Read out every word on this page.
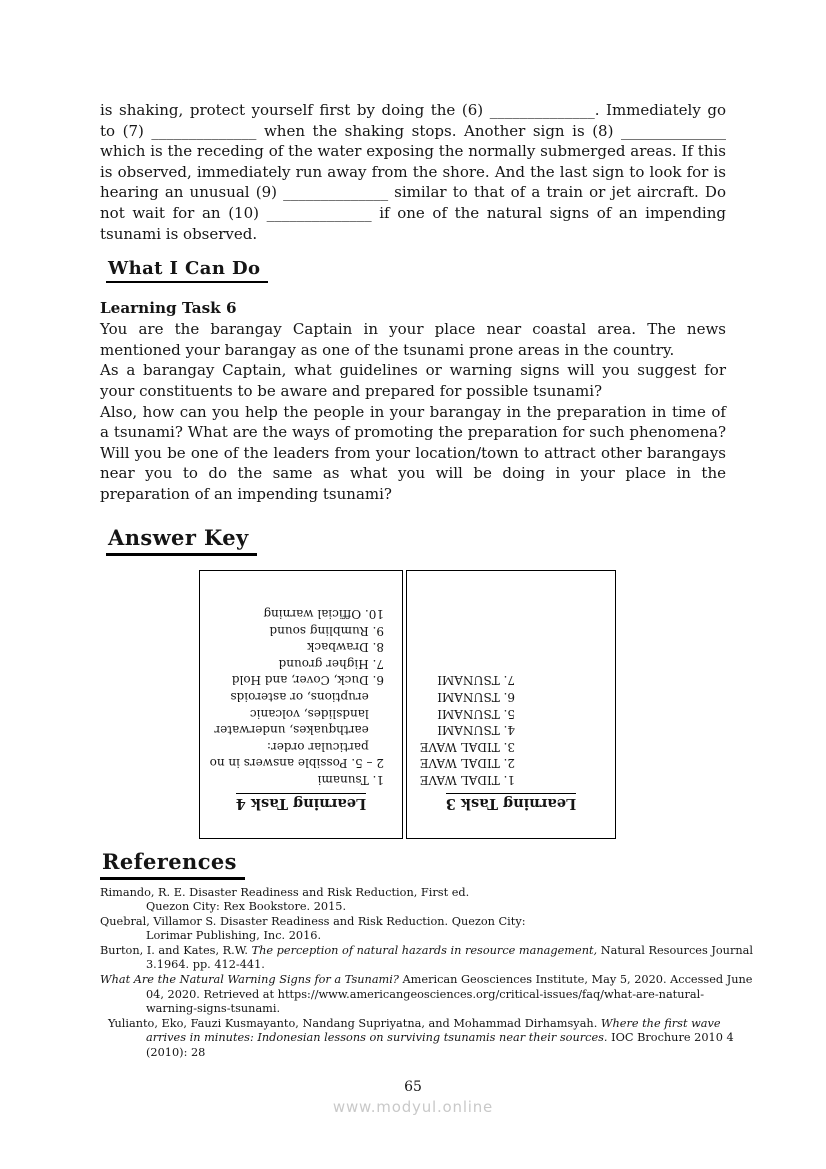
is shaking, protect yourself first by doing the (6) ______________. Immediately go to (7) ______________ when the shaking stops. Another sign is (8) ______________ which is the receding of the water exposing the normally submerged areas. If this is observed, immediately run away from the shore. And the last sign to look for is hearing an unusual (9) ______________ similar to that of a train or jet aircraft. Do not wait for an (10) ______________ if one of the natural signs of an impending tsunami is observed.

What I Can Do
Learning Task 6
You are the barangay Captain in your place near coastal area. The news mentioned your barangay as one of the tsunami prone areas in the country.
As a barangay Captain, what guidelines or warning signs will you suggest for your constituents to be aware and prepared for possible tsunami?
Also, how can you help the people in your barangay in the preparation in time of a tsunami? What are the ways of promoting the preparation for such phenomena? Will you be one of the leaders from your location/town to attract other barangays near you to do the same as what you will be doing in your place in the preparation of an impending tsunami?
Answer Key
Learning Task 4
1. Tsunami
2 – 5. Possible answers in no
particular order:
earthquakes, underwater
landslides, volcanic
eruptions, or asteroids
6. Duck, Cover, and Hold
7. Higher ground
8. Drawback
9. Rumbling sound
10. Official warning
Learning Task 3
1. TIDAL WAVE
2. TIDAL WAVE
3. TIDAL WAVE
4. TSUNAMI
5. TSUNAMI
6. TSUNAMI
7. TSUNAMI
References
Rimando, R. E. Disaster Readiness and Risk Reduction, First ed.
Quezon City: Rex Bookstore. 2015.
Quebral, Villamor S. Disaster Readiness and Risk Reduction. Quezon City:
Lorimar Publishing, Inc. 2016.
Burton, I. and Kates, R.W. The perception of natural hazards in resource management, Natural Resources Journal
3.1964. pp. 412-441.
What Are the Natural Warning Signs for a Tsunami? American Geosciences Institute, May 5, 2020. Accessed June
04, 2020. Retrieved at https://www.americangeosciences.org/critical-issues/faq/what-are-natural-
warning-signs-tsunami.
Yulianto, Eko, Fauzi Kusmayanto, Nandang Supriyatna, and Mohammad Dirhamsyah. Where the first wave
arrives in minutes: Indonesian lessons on surviving tsunamis near their sources. IOC Brochure 2010 4
(2010): 28
65
www.modyul.online
